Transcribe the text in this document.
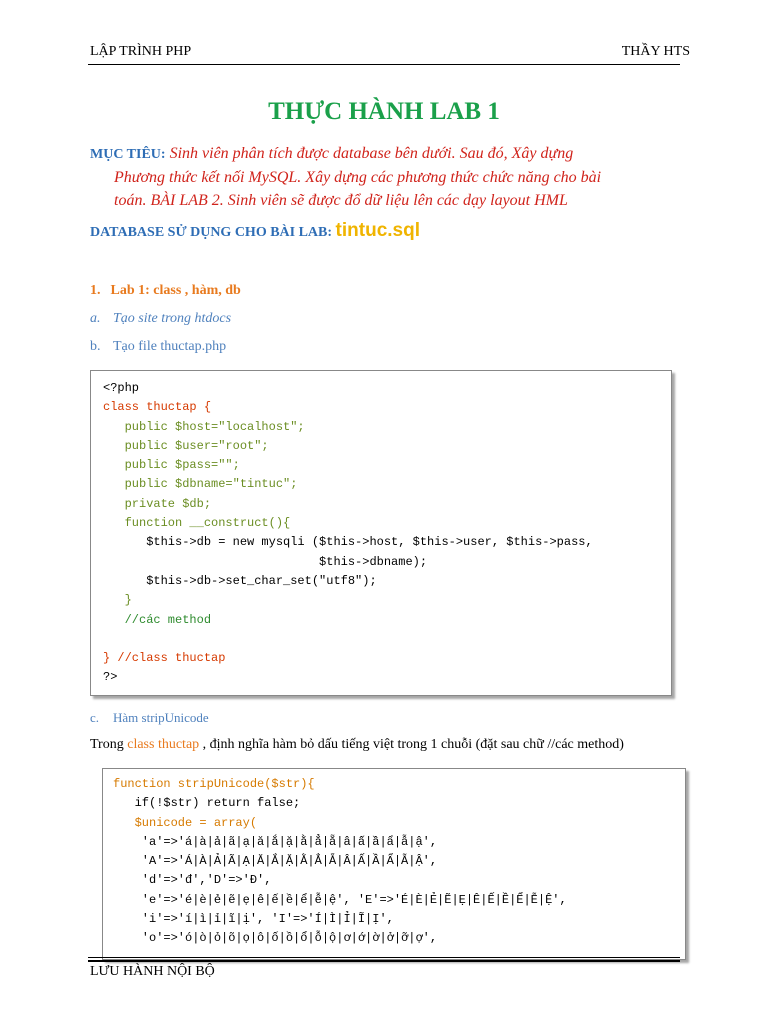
LẬP TRÌNH PHP	THẦY HTS
THỰC HÀNH LAB 1
MỤC TIÊU: Sinh viên phân tích được database bên dưới. Sau đó, Xây dựng
Phương thức kết nối MySQL. Xây dựng các phương thức chức năng cho bài
toán. BÀI LAB 2. Sinh viên sẽ được đổ dữ liệu lên các dạy layout HML
DATABASE SỬ DỤNG CHO BÀI LAB: tintuc.sql
1. Lab 1: class , hàm, db
a. Tạo site trong htdocs
b. Tạo file thuctap.php
<?php
class thuctap {
public $host="localhost";
public $user="root";
public $pass="";
public $dbname="tintuc";
private $db;
function __construct(){
$this->db = new mysqli ($this->host, $this->user, $this->pass,
$this->dbname);
$this->db->set_char_set("utf8");
}
//các method

} //class thuctap
?>

c. Hàm stripUnicode
Trong class thuctap , định nghĩa hàm bỏ dấu tiếng việt trong 1 chuỗi (đặt sau chữ //các method)
function stripUnicode($str){
if(!$str) return false;
$unicode = array(
'a'=>'á|à|ả|ã|ạ|ă|ắ|ặ|ằ|ẳ|ẵ|â|ấ|ầ|ẩ|ẫ|ậ',
'A'=>'Á|À|Ả|Ã|Ạ|Ă|Ắ|Ặ|Ằ|Ẳ|Ẵ|Â|Ấ|Ầ|Ẩ|Ẫ|Ậ',
'd'=>'đ','D'=>'Đ',
'e'=>'é|è|ẻ|ẽ|ẹ|ê|ế|ề|ể|ễ|ệ', 'E'=>'É|È|Ẻ|Ẽ|Ẹ|Ê|Ế|Ề|Ể|Ễ|Ệ',
'i'=>'í|ì|ỉ|ĩ|ị', 'I'=>'Í|Ì|Ỉ|Ĩ|Ị',
'o'=>'ó|ò|ỏ|õ|ọ|ô|ố|ồ|ổ|ỗ|ộ|ơ|ớ|ờ|ở|ỡ|ợ',

LƯU HÀNH NỘI BỘ
